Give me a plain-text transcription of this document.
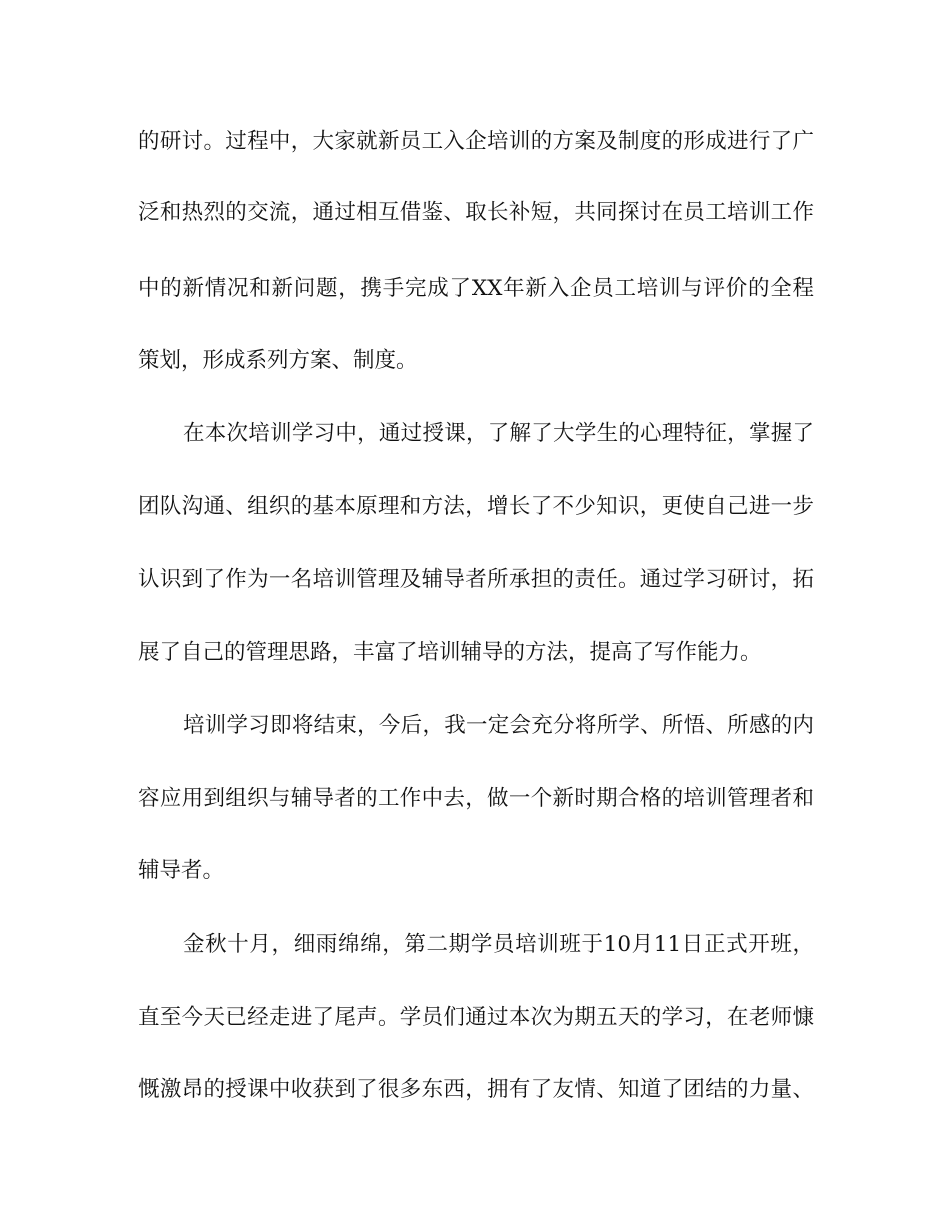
的研讨。过程中，大家就新员工入企培训的方案及制度的形成进行了广
泛和热烈的交流，通过相互借鉴、取长补短，共同探讨在员工培训工作
中的新情况和新问题，携手完成了XX年新入企员工培训与评价的全程
策划，形成系列方案、制度。
在本次培训学习中，通过授课，了解了大学生的心理特征，掌握了
团队沟通、组织的基本原理和方法，增长了不少知识，更使自己进一步
认识到了作为一名培训管理及辅导者所承担的责任。通过学习研讨，拓
展了自己的管理思路，丰富了培训辅导的方法，提高了写作能力。
培训学习即将结束，今后，我一定会充分将所学、所悟、所感的内
容应用到组织与辅导者的工作中去，做一个新时期合格的培训管理者和
辅导者。
金秋十月，细雨绵绵，第二期学员培训班于10月11日正式开班，
直至今天已经走进了尾声。学员们通过本次为期五天的学习，在老师慷
慨激昂的授课中收获到了很多东西，拥有了友情、知道了团结的力量、
